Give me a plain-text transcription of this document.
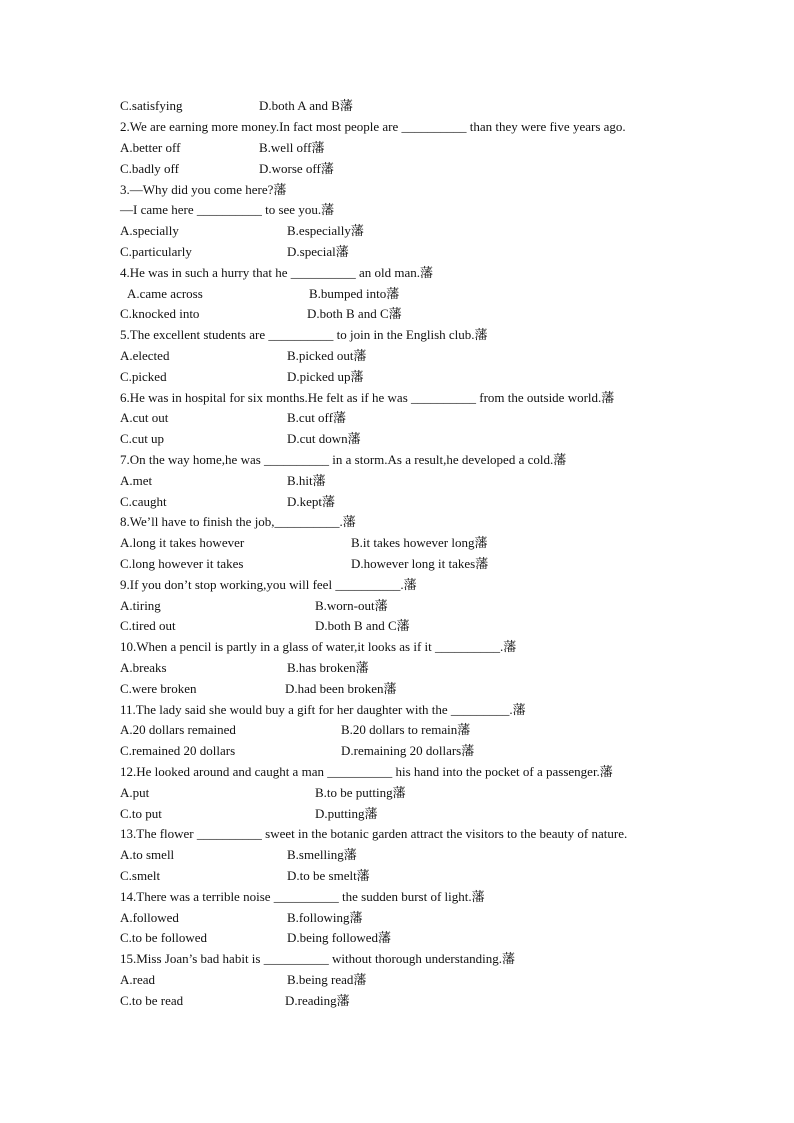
C.satisfying	D.both A and B藩
2.We are earning more money.In fact most people are __________ than they were five years ago.
A.better off	B.well off藩
C.badly off	D.worse off藩
3.—Why did you come here?藩
—I came here __________ to see you.藩
A.specially	B.especially藩
C.particularly	D.special藩
4.He was in such a hurry that he __________ an old man.藩
A.came across	B.bumped into藩
C.knocked into	D.both B and C藩
5.The excellent students are __________ to join in the English club.藩
A.elected	B.picked out藩
C.picked	D.picked up藩
6.He was in hospital for six months.He felt as if he was __________ from the outside world.藩
A.cut out	B.cut off藩
C.cut up	D.cut down藩
7.On the way home,he was __________ in a storm.As a result,he developed a cold.藩
A.met	B.hit藩
C.caught	D.kept藩
8.We’ll have to finish the job,__________.藩
A.long it takes however	B.it takes however long藩
C.long however it takes	D.however long it takes藩
9.If you don’t stop working,you will feel __________.藩
A.tiring	B.worn-out藩
C.tired out	D.both B and C藩
10.When a pencil is partly in a glass of water,it looks as if it __________.藩
A.breaks	B.has broken藩
C.were broken	D.had been broken藩
11.The lady said she would buy a gift for her daughter with the _________.藩
A.20 dollars remained	B.20 dollars to remain藩
C.remained 20 dollars	D.remaining 20 dollars藩
12.He looked around and caught a man __________ his hand into the pocket of a passenger.藩
A.put	B.to be putting藩
C.to put	D.putting藩
13.The flower __________ sweet in the botanic garden attract the visitors to the beauty of nature.
A.to smell	B.smelling藩
C.smelt	D.to be smelt藩
14.There was a terrible noise __________ the sudden burst of light.藩
A.followed	B.following藩
C.to be followed	D.being followed藩
15.Miss Joan’s bad habit is __________ without thorough understanding.藩
A.read	B.being read藩
C.to be read	D.reading藩
